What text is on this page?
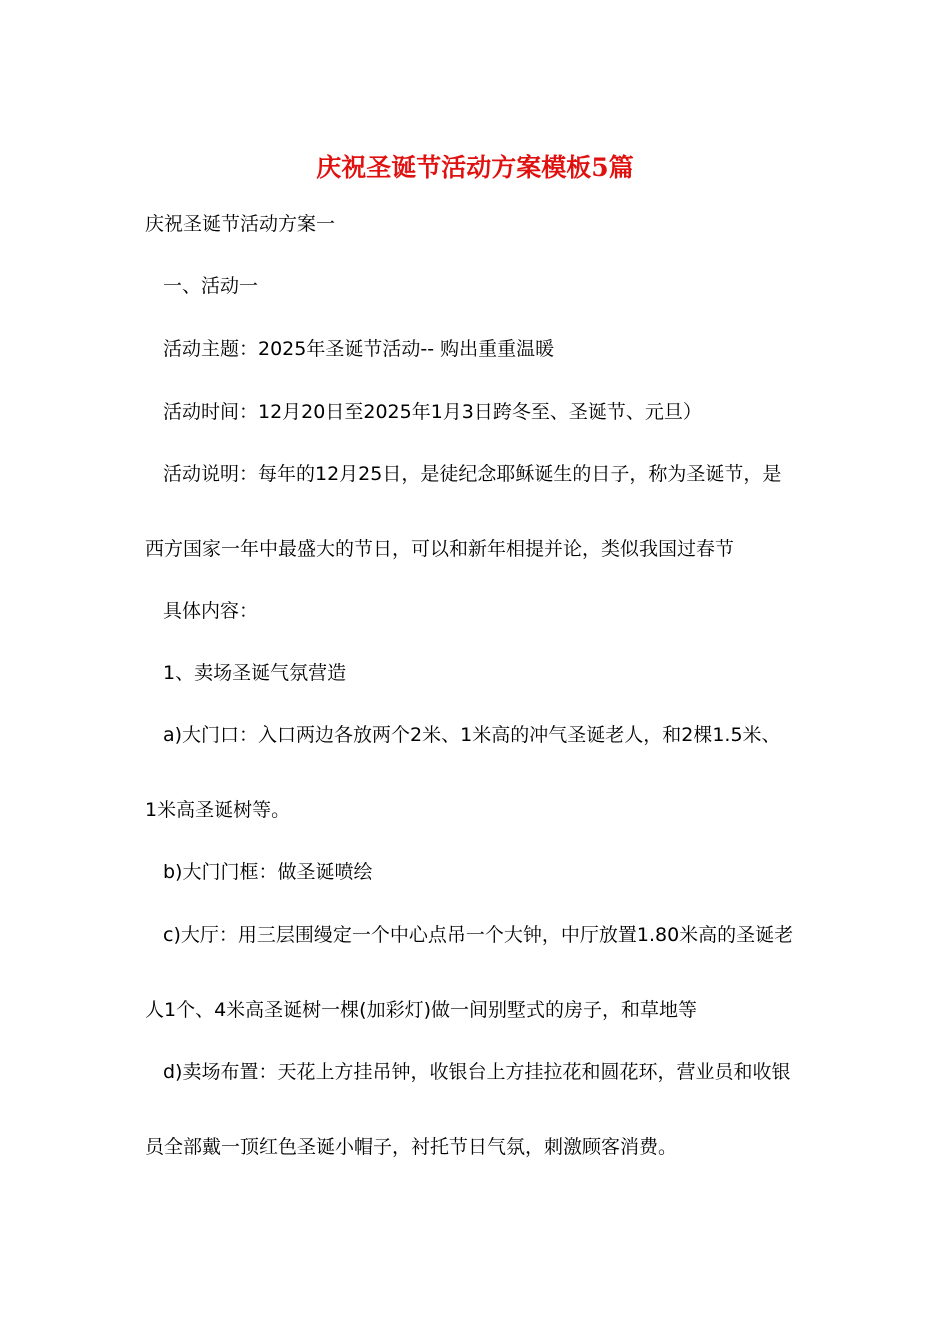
庆祝圣诞节活动方案模板5篇
庆祝圣诞节活动方案一
一、活动一
活动主题：2025年圣诞节活动-- 购出重重温暖
活动时间：12月20日至2025年1月3日跨冬至、圣诞节、元旦）
活动说明：每年的12月25日，是徒纪念耶稣诞生的日子，称为圣诞节，是
西方国家一年中最盛大的节日，可以和新年相提并论，类似我国过春节
具体内容：
1、卖场圣诞气氛营造
a)大门口：入口两边各放两个2米、1米高的冲气圣诞老人，和2棵1.5米、
1米高圣诞树等。
b)大门门框：做圣诞喷绘
c)大厅：用三层围缦定一个中心点吊一个大钟，中厅放置1.80米高的圣诞老
人1个、4米高圣诞树一棵(加彩灯)做一间别墅式的房子，和草地等
d)卖场布置：天花上方挂吊钟，收银台上方挂拉花和圆花环，营业员和收银
员全部戴一顶红色圣诞小帽子，衬托节日气氛，刺激顾客消费。
